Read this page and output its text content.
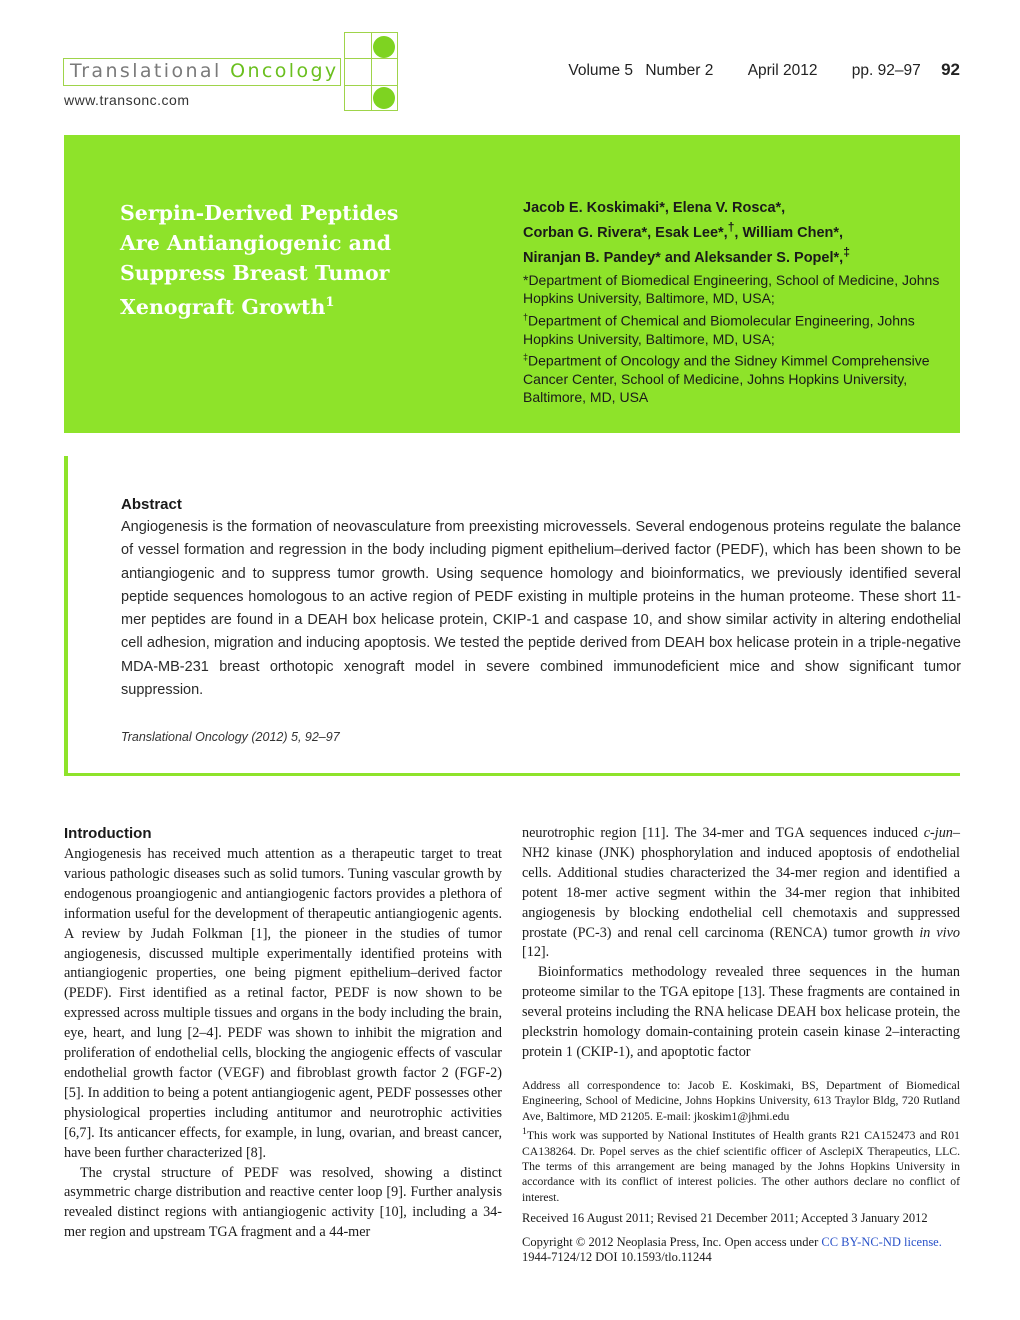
Translational Oncology
www.transonc.com
Volume 5 Number 2 April 2012 pp. 92–97 92
Serpin-Derived Peptides Are Antiangiogenic and Suppress Breast Tumor Xenograft Growth$^1$

Jacob E. Koskimaki*, Elena V. Rosca*,
Corban G. Rivera*, Esak Lee*,†, William Chen*,
Niranjan B. Pandey* and Aleksander S. Popel*,‡

*Department of Biomedical Engineering, School of Medicine, Johns Hopkins University, Baltimore, MD, USA;
†Department of Chemical and Biomolecular Engineering, Johns Hopkins University, Baltimore, MD, USA;
‡Department of Oncology and the Sidney Kimmel Comprehensive Cancer Center, School of Medicine, Johns Hopkins University, Baltimore, MD, USA

Abstract

Angiogenesis is the formation of neovasculature from preexisting microvessels. Several endogenous proteins regulate the balance of vessel formation and regression in the body including pigment epithelium–derived factor (PEDF), which has been shown to be antiangiogenic and to suppress tumor growth. Using sequence homology and bioinformatics, we previously identified several peptide sequences homologous to an active region of PEDF existing in multiple proteins in the human proteome. These short 11-mer peptides are found in a DEAH box helicase protein, CKIP-1 and caspase 10, and show similar activity in altering endothelial cell adhesion, migration and inducing apoptosis. We tested the peptide derived from DEAH box helicase protein in a triple-negative MDA-MB-231 breast orthotopic xenograft model in severe combined immunodeficient mice and show significant tumor suppression.

Translational Oncology (2012) 5, 92–97
Introduction

Angiogenesis has received much attention as a therapeutic target to treat various pathologic diseases such as solid tumors. Tuning vascular growth by endogenous proangiogenic and antiangiogenic factors provides a plethora of information useful for the development of therapeutic antiangiogenic agents. A review by Judah Folkman [1], the pioneer in the studies of tumor angiogenesis, discussed multiple experimentally identified proteins with antiangiogenic properties, one being pigment epithelium–derived factor (PEDF). First identified as a retinal factor, PEDF is now shown to be expressed across multiple tissues and organs in the body including the brain, eye, heart, and lung [2–4]. PEDF was shown to inhibit the migration and proliferation of endothelial cells, blocking the angiogenic effects of vascular endothelial growth factor (VEGF) and fibroblast growth factor 2 (FGF-2) [5]. In addition to being a potent antiangiogenic agent, PEDF possesses other physiological properties including antitumor and neurotrophic activities [6,7]. Its anticancer effects, for example, in lung, ovarian, and breast cancer, have been further characterized [8].

The crystal structure of PEDF was resolved, showing a distinct asymmetric charge distribution and reactive center loop [9]. Further analysis revealed distinct regions with antiangiogenic activity [10], including a 34-mer region and upstream TGA fragment and a 44-mer

neurotrophic region [11]. The 34-mer and TGA sequences induced c-jun–NH2 kinase (JNK) phosphorylation and induced apoptosis of endothelial cells. Additional studies characterized the 34-mer region and identified a potent 18-mer active segment within the 34-mer region that inhibited angiogenesis by blocking endothelial cell chemotaxis and suppressed prostate (PC-3) and renal cell carcinoma (RENCA) tumor growth in vivo [12].

Bioinformatics methodology revealed three sequences in the human proteome similar to the TGA epitope [13]. These fragments are contained in several proteins including the RNA helicase DEAH box helicase protein, the pleckstrin homology domain-containing protein casein kinase 2–interacting protein 1 (CKIP-1), and apoptotic factor

Address all correspondence to: Jacob E. Koskimaki, BS, Department of Biomedical Engineering, School of Medicine, Johns Hopkins University, 613 Traylor Bldg, 720 Rutland Ave, Baltimore, MD 21205. E-mail: jkoskim1@jhmi.edu

$^1$This work was supported by National Institutes of Health grants R21 CA152473 and R01 CA138264. Dr. Popel serves as the chief scientific officer of AsclepiX Therapeutics, LLC. The terms of this arrangement are being managed by the Johns Hopkins University in accordance with its conflict of interest policies. The other authors declare no conflict of interest.

Received 16 August 2011; Revised 21 December 2011; Accepted 3 January 2012

Copyright © 2012 Neoplasia Press, Inc. Open access under CC BY-NC-ND license.

1944-7124/12 DOI 10.1593/tlo.11244
